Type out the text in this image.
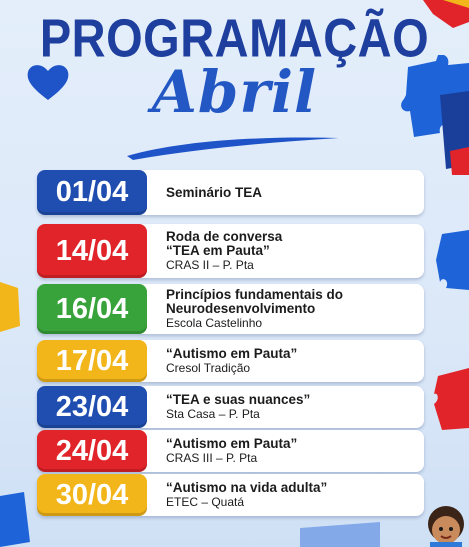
PROGRAMAÇÃO
Abril
01/04	Seminário TEA
14/04	Roda de conversa
“TEA em Pauta”
CRAS II – P. Pta
16/04	Princípios fundamentais do
Neurodesenvolvimento
Escola Castelinho
17/04	“Autismo em Pauta”
Cresol Tradição
23/04	“TEA e suas nuances”
Sta Casa – P. Pta
24/04	“Autismo em Pauta”
CRAS III – P. Pta
30/04	“Autismo na vida adulta”
ETEC – Quatá
